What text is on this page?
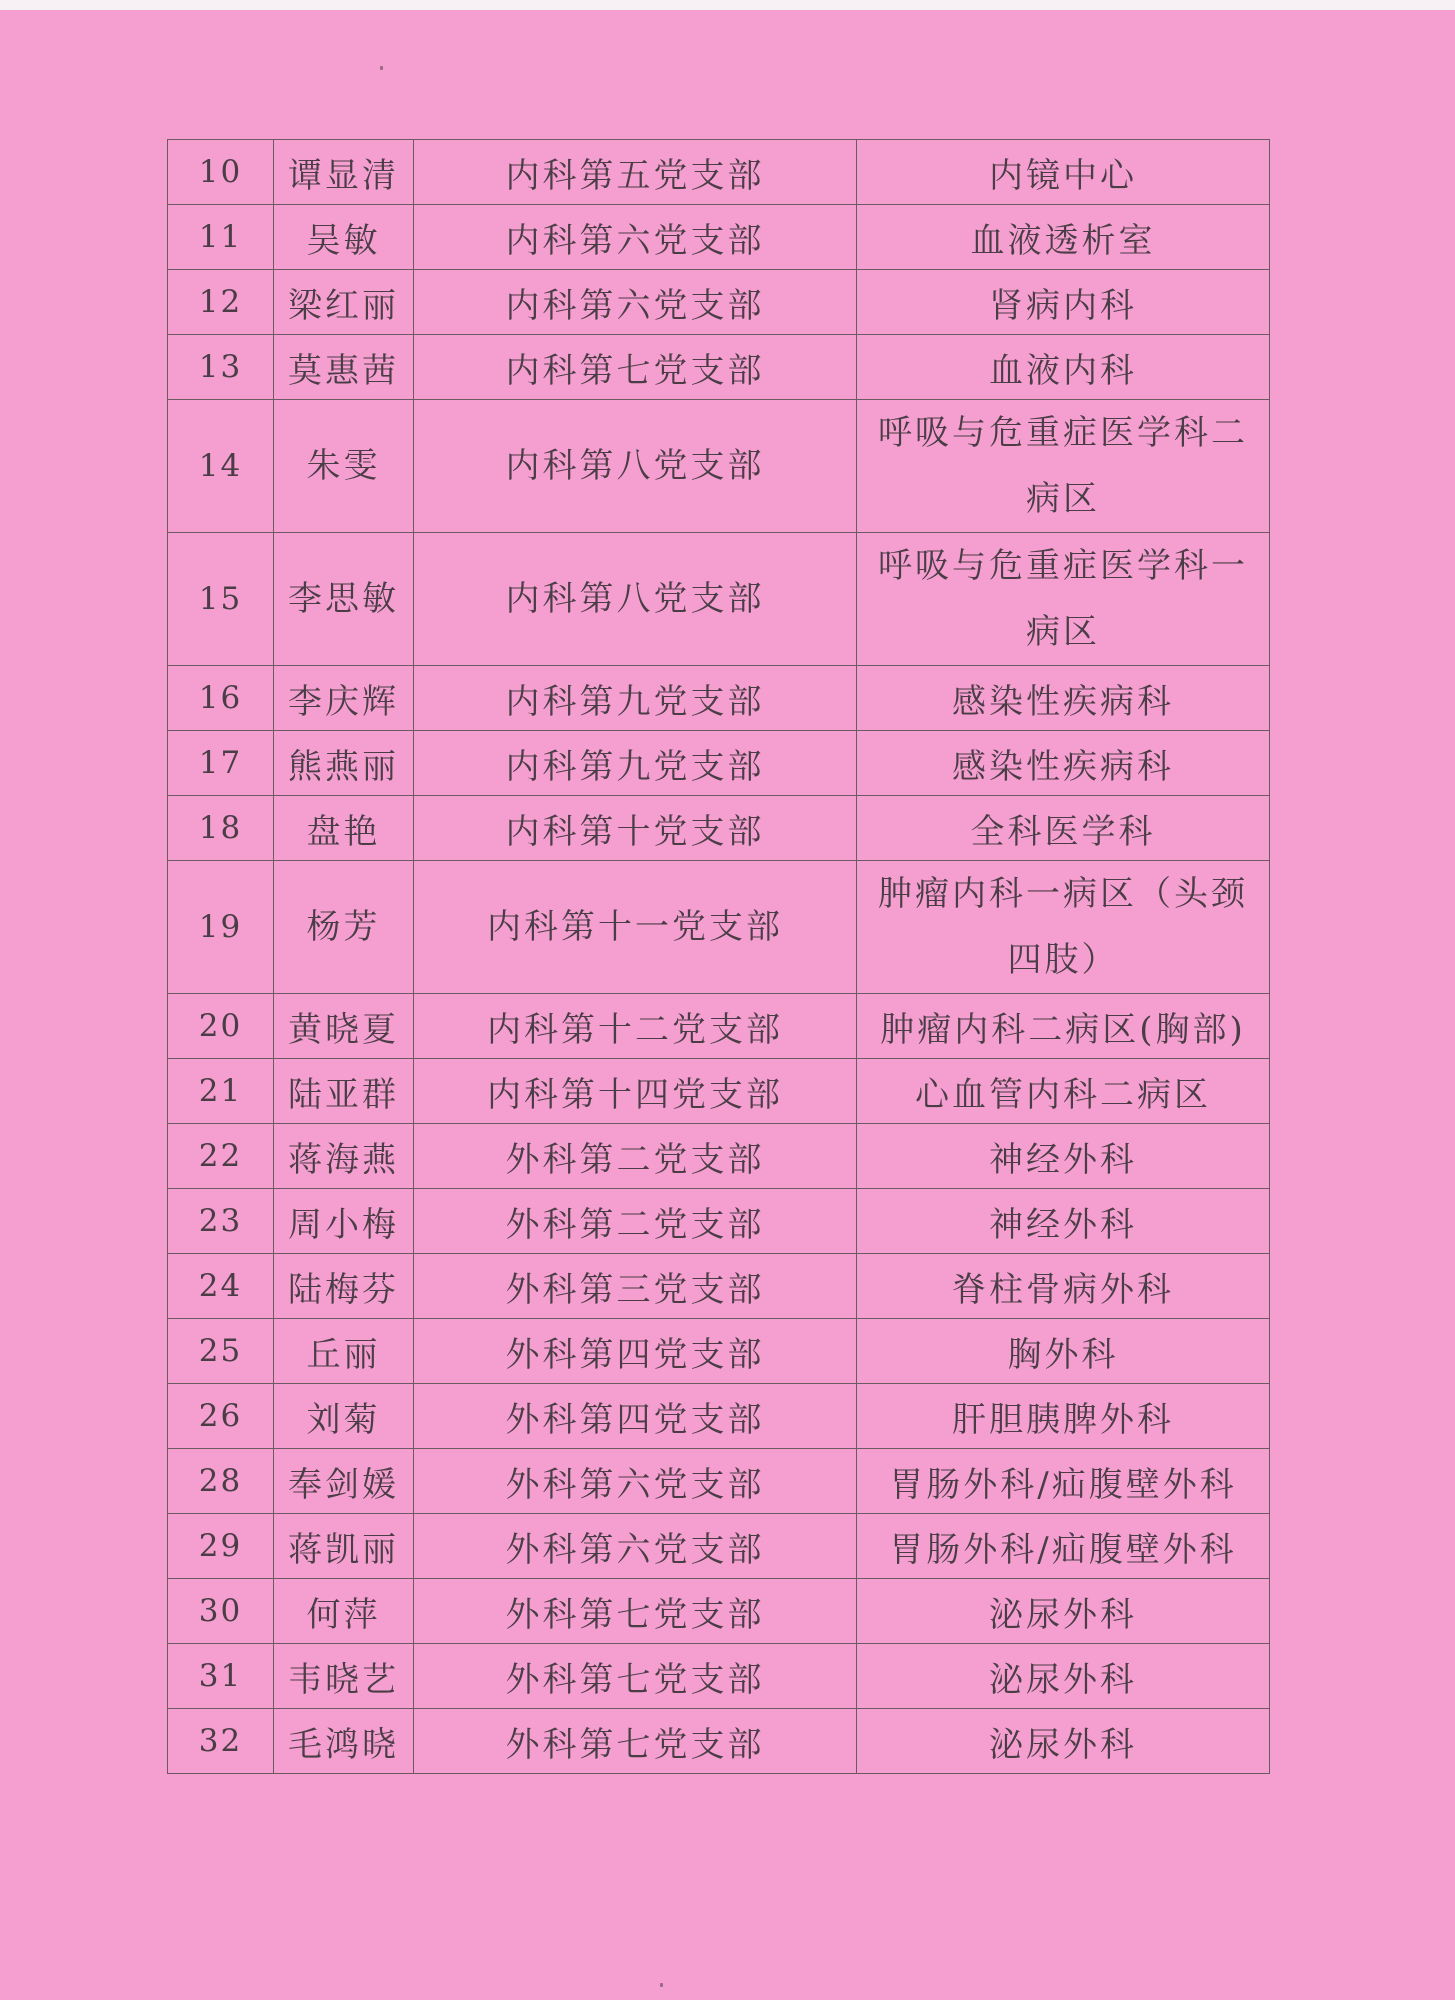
10	谭显清	内科第五党支部	内镜中心
11	吴敏	内科第六党支部	血液透析室
12	梁红丽	内科第六党支部	肾病内科
13	莫惠茜	内科第七党支部	血液内科
14	朱雯	内科第八党支部	呼吸与危重症医学科二病区
15	李思敏	内科第八党支部	呼吸与危重症医学科一病区
16	李庆辉	内科第九党支部	感染性疾病科
17	熊燕丽	内科第九党支部	感染性疾病科
18	盘艳	内科第十党支部	全科医学科
19	杨芳	内科第十一党支部	肿瘤内科一病区（头颈四肢）
20	黄晓夏	内科第十二党支部	肿瘤内科二病区(胸部)
21	陆亚群	内科第十四党支部	心血管内科二病区
22	蒋海燕	外科第二党支部	神经外科
23	周小梅	外科第二党支部	神经外科
24	陆梅芬	外科第三党支部	脊柱骨病外科
25	丘丽	外科第四党支部	胸外科
26	刘菊	外科第四党支部	肝胆胰脾外科
28	奉剑媛	外科第六党支部	胃肠外科/疝腹壁外科
29	蒋凯丽	外科第六党支部	胃肠外科/疝腹壁外科
30	何萍	外科第七党支部	泌尿外科
31	韦晓艺	外科第七党支部	泌尿外科
32	毛鸿晓	外科第七党支部	泌尿外科
